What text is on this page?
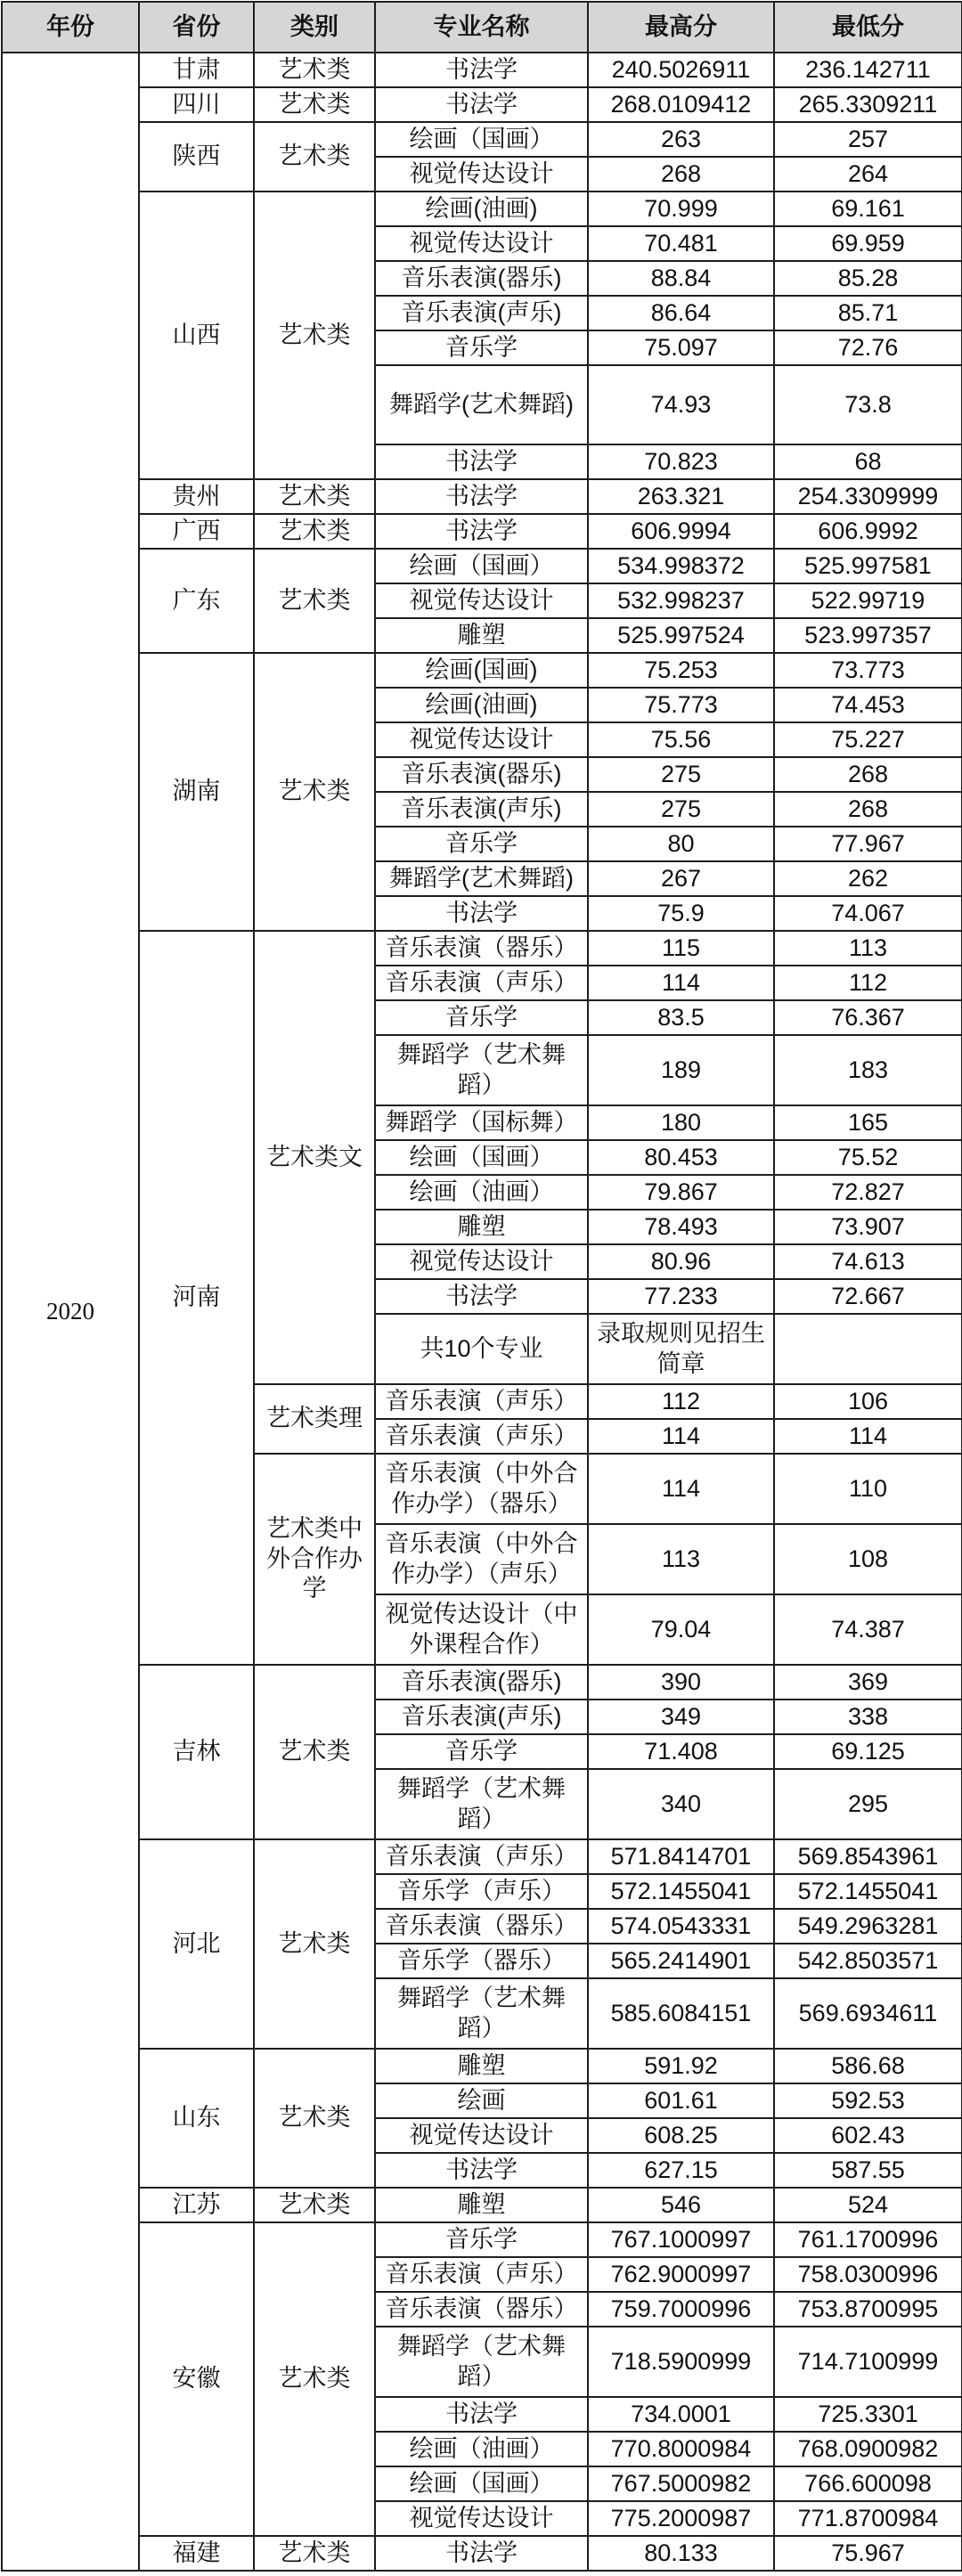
年份	省份	类别	专业名称	最高分	最低分
2020	甘肃	艺术类	书法学	240.5026911	236.142711
	四川	艺术类	书法学	268.0109412	265.3309211
	陕西	艺术类	绘画（国画）	263	257
			视觉传达设计	268	264
	山西	艺术类	绘画(油画)	70.999	69.161
			视觉传达设计	70.481	69.959
			音乐表演(器乐)	88.84	85.28
			音乐表演(声乐)	86.64	85.71
			音乐学	75.097	72.76
			舞蹈学(艺术舞蹈)	74.93	73.8
			书法学	70.823	68
	贵州	艺术类	书法学	263.321	254.3309999
	广西	艺术类	书法学	606.9994	606.9992
	广东	艺术类	绘画（国画）	534.998372	525.997581
			视觉传达设计	532.998237	522.99719
			雕塑	525.997524	523.997357
	湖南	艺术类	绘画(国画)	75.253	73.773
			绘画(油画)	75.773	74.453
			视觉传达设计	75.56	75.227
			音乐表演(器乐)	275	268
			音乐表演(声乐)	275	268
			音乐学	80	77.967
			舞蹈学(艺术舞蹈)	267	262
			书法学	75.9	74.067
	河南	艺术类文	音乐表演（器乐）	115	113
			音乐表演（声乐）	114	112
			音乐学	83.5	76.367
			舞蹈学（艺术舞蹈）	189	183
			舞蹈学（国标舞）	180	165
			绘画（国画）	80.453	75.52
			绘画（油画）	79.867	72.827
			雕塑	78.493	73.907
			视觉传达设计	80.96	74.613
			书法学	77.233	72.667
			共10个专业	录取规则见招生简章	
		艺术类理	音乐表演（声乐）	112	106
			音乐表演（声乐）	114	114
		艺术类中外合作办学	音乐表演（中外合作办学）（器乐）	114	110
			音乐表演（中外合作办学）（声乐）	113	108
			视觉传达设计（中外课程合作）	79.04	74.387
	吉林	艺术类	音乐表演(器乐)	390	369
			音乐表演(声乐)	349	338
			音乐学	71.408	69.125
			舞蹈学（艺术舞蹈）	340	295
	河北	艺术类	音乐表演（声乐）	571.8414701	569.8543961
			音乐学（声乐）	572.1455041	572.1455041
			音乐表演（器乐）	574.0543331	549.2963281
			音乐学（器乐）	565.2414901	542.8503571
			舞蹈学（艺术舞蹈）	585.6084151	569.6934611
	山东	艺术类	雕塑	591.92	586.68
			绘画	601.61	592.53
			视觉传达设计	608.25	602.43
			书法学	627.15	587.55
	江苏	艺术类	雕塑	546	524
	安徽	艺术类	音乐学	767.1000997	761.1700996
			音乐表演（声乐）	762.9000997	758.0300996
			音乐表演（器乐）	759.7000996	753.8700995
			舞蹈学（艺术舞蹈）	718.5900999	714.7100999
			书法学	734.0001	725.3301
			绘画（油画）	770.8000984	768.0900982
			绘画（国画）	767.5000982	766.600098
			视觉传达设计	775.2000987	771.8700984
	福建	艺术类	书法学	80.133	75.967
